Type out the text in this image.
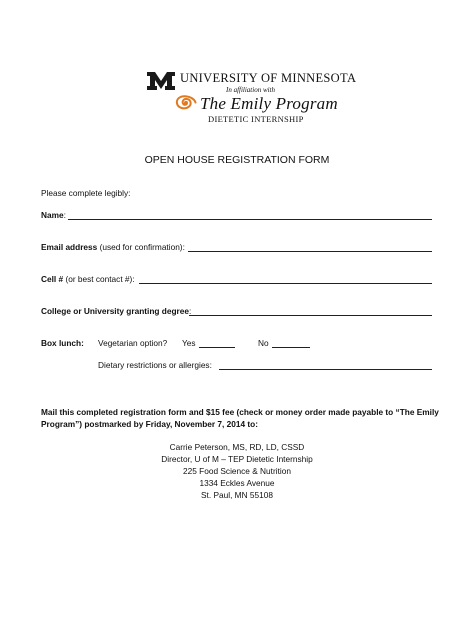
UNIVERSITY OF MINNESOTA
In affiliation with
The Emily Program
DIETETIC INTERNSHIP
OPEN HOUSE REGISTRATION FORM
Please complete legibly:
Name:
Email address (used for confirmation):
Cell # (or best contact #):
College or University granting degree:
Box lunch: Vegetarian option? Yes	No
Dietary restrictions or allergies:
Mail this completed registration form and $15 fee (check or money order made payable to “The Emily Program”) postmarked by Friday, November 7, 2014 to:
Carrie Peterson, MS, RD, LD, CSSD
Director, U of M – TEP Dietetic Internship
225 Food Science & Nutrition
1334 Eckles Avenue
St. Paul, MN 55108
